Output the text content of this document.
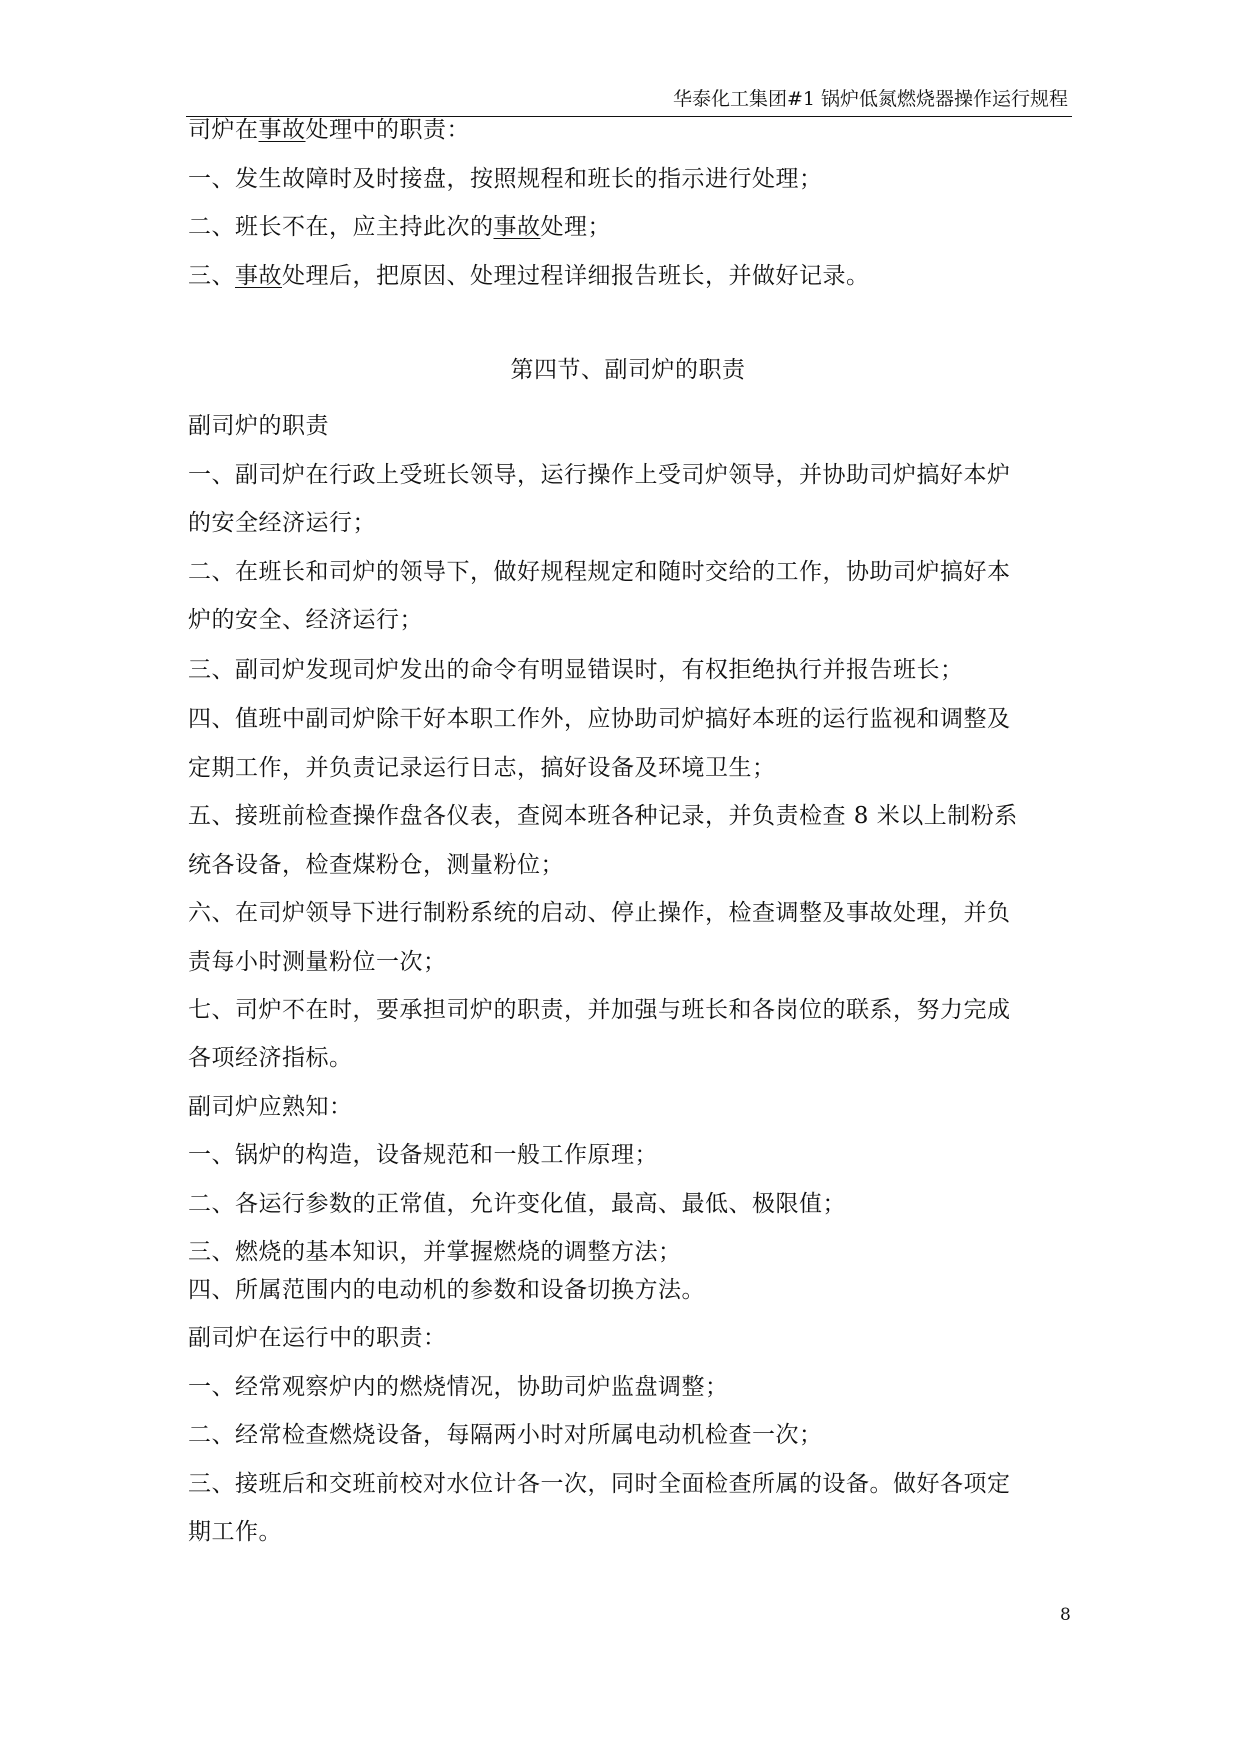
华泰化工集团#1 锅炉低氮燃烧器操作运行规程
司炉在事故处理中的职责：
一、发生故障时及时接盘，按照规程和班长的指示进行处理；
二、班长不在，应主持此次的事故处理；
三、事故处理后，把原因、处理过程详细报告班长，并做好记录。
第四节、副司炉的职责
副司炉的职责
一、副司炉在行政上受班长领导，运行操作上受司炉领导，并协助司炉搞好本炉
的安全经济运行；
二、在班长和司炉的领导下，做好规程规定和随时交给的工作，协助司炉搞好本
炉的安全、经济运行；
三、副司炉发现司炉发出的命令有明显错误时，有权拒绝执行并报告班长；
四、值班中副司炉除干好本职工作外，应协助司炉搞好本班的运行监视和调整及
定期工作，并负责记录运行日志，搞好设备及环境卫生；
五、接班前检查操作盘各仪表，查阅本班各种记录，并负责检查 8 米以上制粉系
统各设备，检查煤粉仓，测量粉位；
六、在司炉领导下进行制粉系统的启动、停止操作，检查调整及事故处理，并负
责每小时测量粉位一次；
七、司炉不在时，要承担司炉的职责，并加强与班长和各岗位的联系，努力完成
各项经济指标。
副司炉应熟知：
一、锅炉的构造，设备规范和一般工作原理；
二、各运行参数的正常值，允许变化值，最高、最低、极限值；
三、燃烧的基本知识，并掌握燃烧的调整方法；
四、所属范围内的电动机的参数和设备切换方法。
副司炉在运行中的职责：
一、经常观察炉内的燃烧情况，协助司炉监盘调整；
二、经常检查燃烧设备，每隔两小时对所属电动机检查一次；
三、接班后和交班前校对水位计各一次，同时全面检查所属的设备。做好各项定
期工作。
8
